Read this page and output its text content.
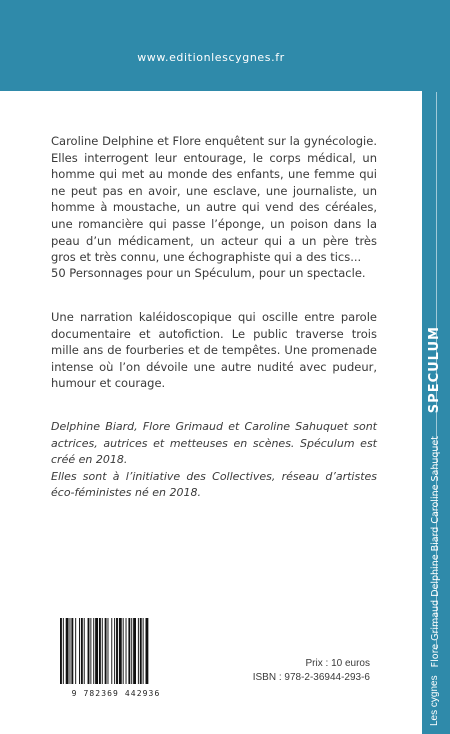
www.editionlescygnes.fr
Caroline Delphine et Flore enquêtent sur la gynécologie. Elles interrogent leur entourage, le corps médical, un homme qui met au monde des enfants, une femme qui ne peut pas en avoir, une esclave, une journaliste, un homme à moustache, un autre qui vend des céréales, une romancière qui passe l’éponge, un poison dans la peau d’un médicament, un acteur qui a un père très gros et très connu, une échographiste qui a des tics...
50 Personnages pour un Spéculum, pour un spectacle.
Une narration kaléidoscopique qui oscille entre parole documentaire et autofiction. Le public traverse trois mille ans de fourberies et de tempêtes. Une promenade intense où l’on dévoile une autre nudité avec pudeur, humour et courage.

Delphine Biard, Flore Grimaud et Caroline Sahuquet sont actrices, autrices et metteuses en scènes. Spéculum est créé en 2018.

Elles sont à l’initiative des Collectives, réseau d’artistes éco-féministes né en 2018.

9 782369 442936
Prix : 10 euros
ISBN : 978-2-36944-293-6	Les cygnes
SPECULUM
Flore Grimaud Delphine Biard Caroline Sahuquet
